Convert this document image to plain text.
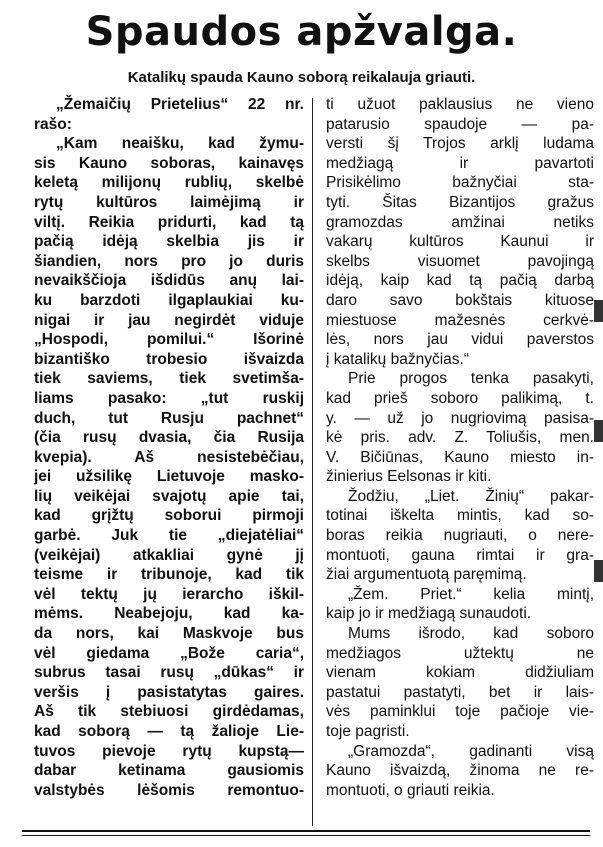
Spaudos apžvalga.
Katalikų spauda Kauno soborą reikalauja griauti.
„Žemaičių Prietelius“ 22 nr.
rašo:
„Kam neaišku, kad žymu-
sis Kauno soboras, kainavęs
keletą milijonų rublių, skelbė
rytų kultūros laimėjimą ir
viltį. Reikia pridurti, kad tą
pačią idėją skelbia jis ir
šiandien, nors pro jo duris
nevaikščioja išdidūs anų lai-
ku barzdoti ilgaplaukiai ku-
nigai ir jau negirdėt viduje
„Hospodi, pomilui.“ Išorinė
bizantiško trobesio išvaizda
tiek saviems, tiek svetimša-
liams pasako: „tut ruskij
duch, tut Rusju pachnet“
(čia rusų dvasia, čia Rusija
kvepia). Aš nesistebėčiau,
jei užsilikę Lietuvoje masko-
lių veikėjai svajotų apie tai,
kad grįžtų soborui pirmoji
garbė. Juk tie „diejatėliai“
(veikėjai) atkakliai gynė jį
teisme ir tribunoje, kad tik
vėl tektų jų ierarcho iškil-
mėms. Neabejoju, kad ka-
da nors, kai Maskvoje bus
vėl giedama „Bože caria“,
subrus tasai rusų „dūkas“ ir
veršis į pasistatytas gaires.
Aš tik stebiuosi girdėdamas,
kad soborą — tą žalioje Lie-
tuvos pievoje rytų kupstą—
dabar ketinama gausiomis
valstybės lėšomis remontuo-
ti užuot paklausius ne vieno
patarusio spaudoje — pa-
versti šį Trojos arklį ludama
medžiagą ir pavartoti
Prisikėlimo bažnyčiai sta-
tyti. Šitas Bizantijos gražus
gramozdas amžinai netiks
vakarų kultūros Kaunui ir
skelbs visuomet pavojingą
idėją, kaip kad tą pačią darbą
daro savo bokštais kituose
miestuose mažesnės cerkvė-
lės, nors jau vidui paverstos
į katalikų bažnyčias.“
Prie progos tenka pasakyti,
kad prieš soboro palikimą, t.
y. — už jo nugriovimą pasisa-
kė pris. adv. Z. Toliušis, men.
V. Bičiūnas, Kauno miesto in-
žinierius Eelsonas ir kiti.
Žodžiu, „Liet. Žinių“ pakar-
totinai iškelta mintis, kad so-
boras reikia nugriauti, o nere-
montuoti, gauna rimtai ir gra-
žiai argumentuotą paręmimą.
„Žem. Priet.“ kelia mintį,
kaip jo ir medžiagą sunaudoti.
Mums išrodo, kad soboro
medžiagos užtektų ne
vienam kokiam didžiuliam
pastatui pastatyti, bet ir lais-
vės paminklui toje pačioje vie-
toje pagristi.
„Gramozda“, gadinanti visą
Kauno išvaizdą, žinoma ne re-
montuoti, o griauti reikia.
